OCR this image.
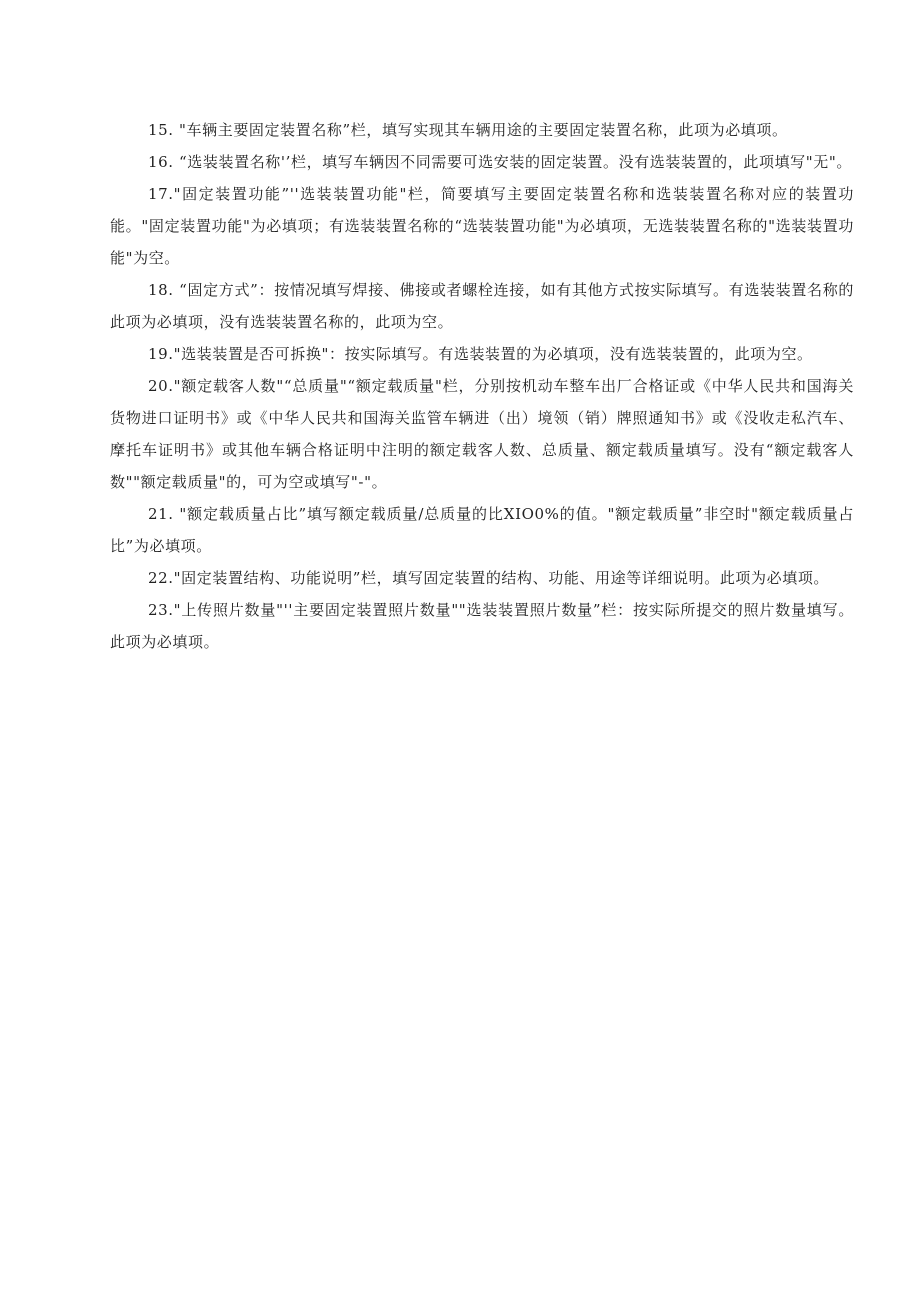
15. "车辆主要固定装置名称”栏，填写实现其车辆用途的主要固定装置名称，此项为必填项。

16. “选装装置名称'’栏，填写车辆因不同需要可选安装的固定装置。没有选装装置的，此项填写"无"。

17."固定装置功能”''选装装置功能"栏，简要填写主要固定装置名称和选装装置名称对应的装置功能。"固定装置功能"为必填项；有选装装置名称的“选装装置功能"为必填项，无选装装置名称的"选装装置功能"为空。

18. “固定方式”：按情况填写焊接、佛接或者螺栓连接，如有其他方式按实际填写。有选装装置名称的此项为必填项，没有选装装置名称的，此项为空。

19."选装装置是否可拆换"：按实际填写。有选装装置的为必填项，没有选装装置的，此项为空。

20."额定载客人数"“总质量"“额定载质量"栏，分别按机动车整车出厂合格证或《中华人民共和国海关货物进口证明书》或《中华人民共和国海关监管车辆进（出）境领（销）牌照通知书》或《没收走私汽车、摩托车证明书》或其他车辆合格证明中注明的额定载客人数、总质量、额定载质量填写。没有“额定载客人数""额定载质量"的，可为空或填写"-"。

21. "额定载质量占比”填写额定载质量/总质量的比XIO0%的值。"额定载质量”非空时"额定载质量占比”为必填项。

22."固定装置结构、功能说明”栏，填写固定装置的结构、功能、用途等详细说明。此项为必填项。

23."上传照片数量"''主要固定装置照片数量""选装装置照片数量”栏：按实际所提交的照片数量填写。此项为必填项。
